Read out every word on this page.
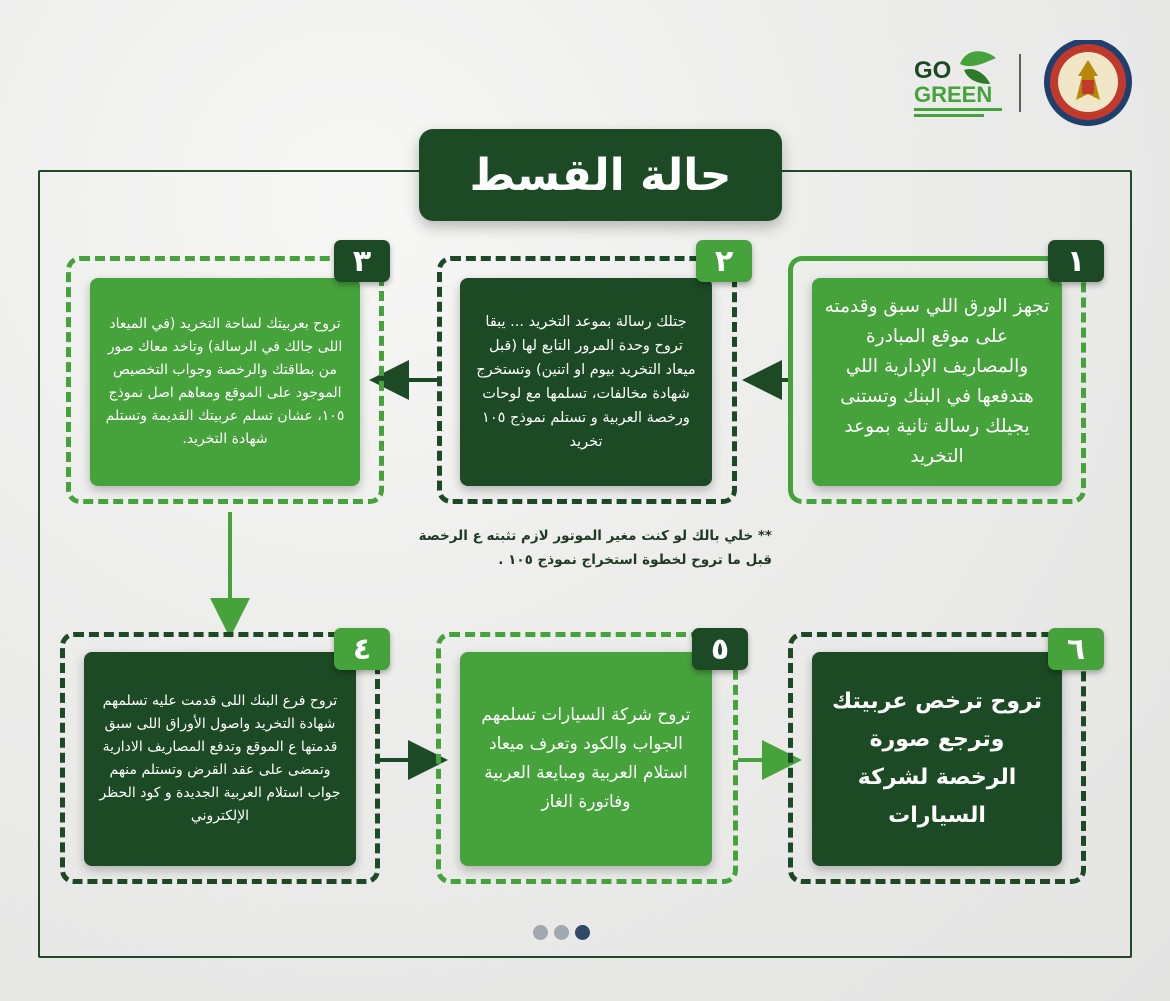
حالة القسط
GO
GREEN
تجهز الورق اللي سبق وقدمته على موقع المبادرة والمصاريف الإدارية اللي هتدفعها في البنك وتستنى يجيلك رسالة تانية بموعد التخريد
١
جتلك رسالة بموعد التخريد ... يبقا تروح وحدة المرور التابع لها (قبل ميعاد التخريد بيوم او اتنين) وتستخرج شهادة مخالفات، تسلمها مع لوحات ورخصة العربية و تستلم نموذج ١٠٥ تخريد
٢
تروح بعربيتك لساحة التخريد (في الميعاد اللى جالك في الرسالة) وتاخد معاك صور من بطاقتك والرخصة وجواب التخصيص الموجود على الموقع ومعاهم اصل نموذج ١٠٥، عشان تسلم عربيتك القديمة وتستلم شهادة التخريد.
٣
** خلي بالك لو كنت مغير الموتور لازم تثبته ع الرخصة قبل ما تروح لخطوة استخراج نموذج ١٠٥ .
تروح فرع البنك اللى قدمت عليه تسلمهم شهادة التخريد واصول الأوراق اللى سبق قدمتها ع الموقع وتدفع المصاريف الادارية وتمضى على عقد القرض وتستلم منهم جواب استلام العربية الجديدة و كود الحظر الإلكتروني
٤
تروح شركة السيارات تسلمهم الجواب والكود وتعرف ميعاد استلام العربية ومبايعة العربية وفاتورة الغاز
٥
تروح ترخص عربيتك وترجع صورة الرخصة لشركة السيارات
٦
